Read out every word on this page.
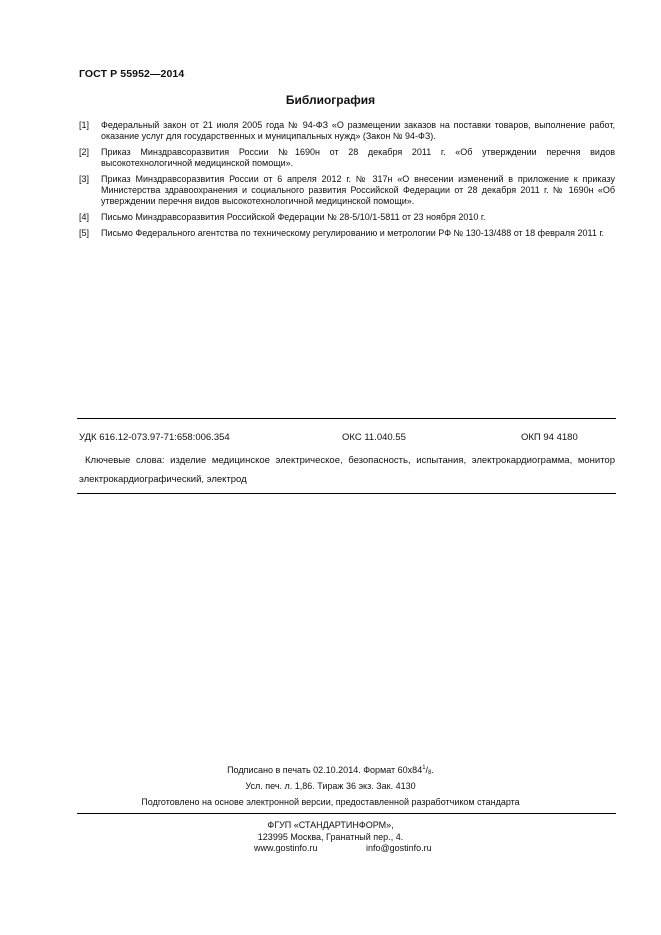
ГОСТ Р 55952—2014
Библиография
[1]	Федеральный закон от 21 июля 2005 года № 94-ФЗ «О размещении заказов на поставки товаров, выполнение работ, оказание услуг для государственных и муниципальных нужд» (Закон № 94-ФЗ).
[2]	Приказ Минздравсоразвития России №1690н от 28 декабря 2011 г. «Об утверждении перечня видов высокотехнологичной медицинской помощи».
[3]	Приказ Минздравсоразвития России от 6 апреля 2012 г. № 317н «О внесении изменений в приложение к приказу Министерства здравоохранения и социального развития Российской Федерации от 28 декабря 2011 г. № 1690н «Об утверждении перечня видов высокотехнологичной медицинской помощи».
[4]	Письмо Минздравсоразвития Российской Федерации № 28-5/10/1-5811 от 23 ноября 2010 г.
[5]	Письмо Федерального агентства по техническому регулированию и метрологии РФ № 130-13/488 от 18 февраля 2011 г.
УДК 616.12-073.97-71:658:006.354	ОКС 11.040.55	ОКП 94 4180
Ключевые слова: изделие медицинское электрическое, безопасность, испытания, электрокардиограмма, монитор электрокардиографический, электрод
Подписано в печать 02.10.2014. Формат $60x84^1/_8$.
Усл. печ. л. 1,86. Тираж 36 экз. Зак. 4130
Подготовлено на основе электронной версии, предоставленной разработчиком стандарта
ФГУП «СТАНДАРТИНФОРМ»,
123995 Москва, Гранатный пер., 4.
www.gostinfo.ru	info@gostinfo.ru
